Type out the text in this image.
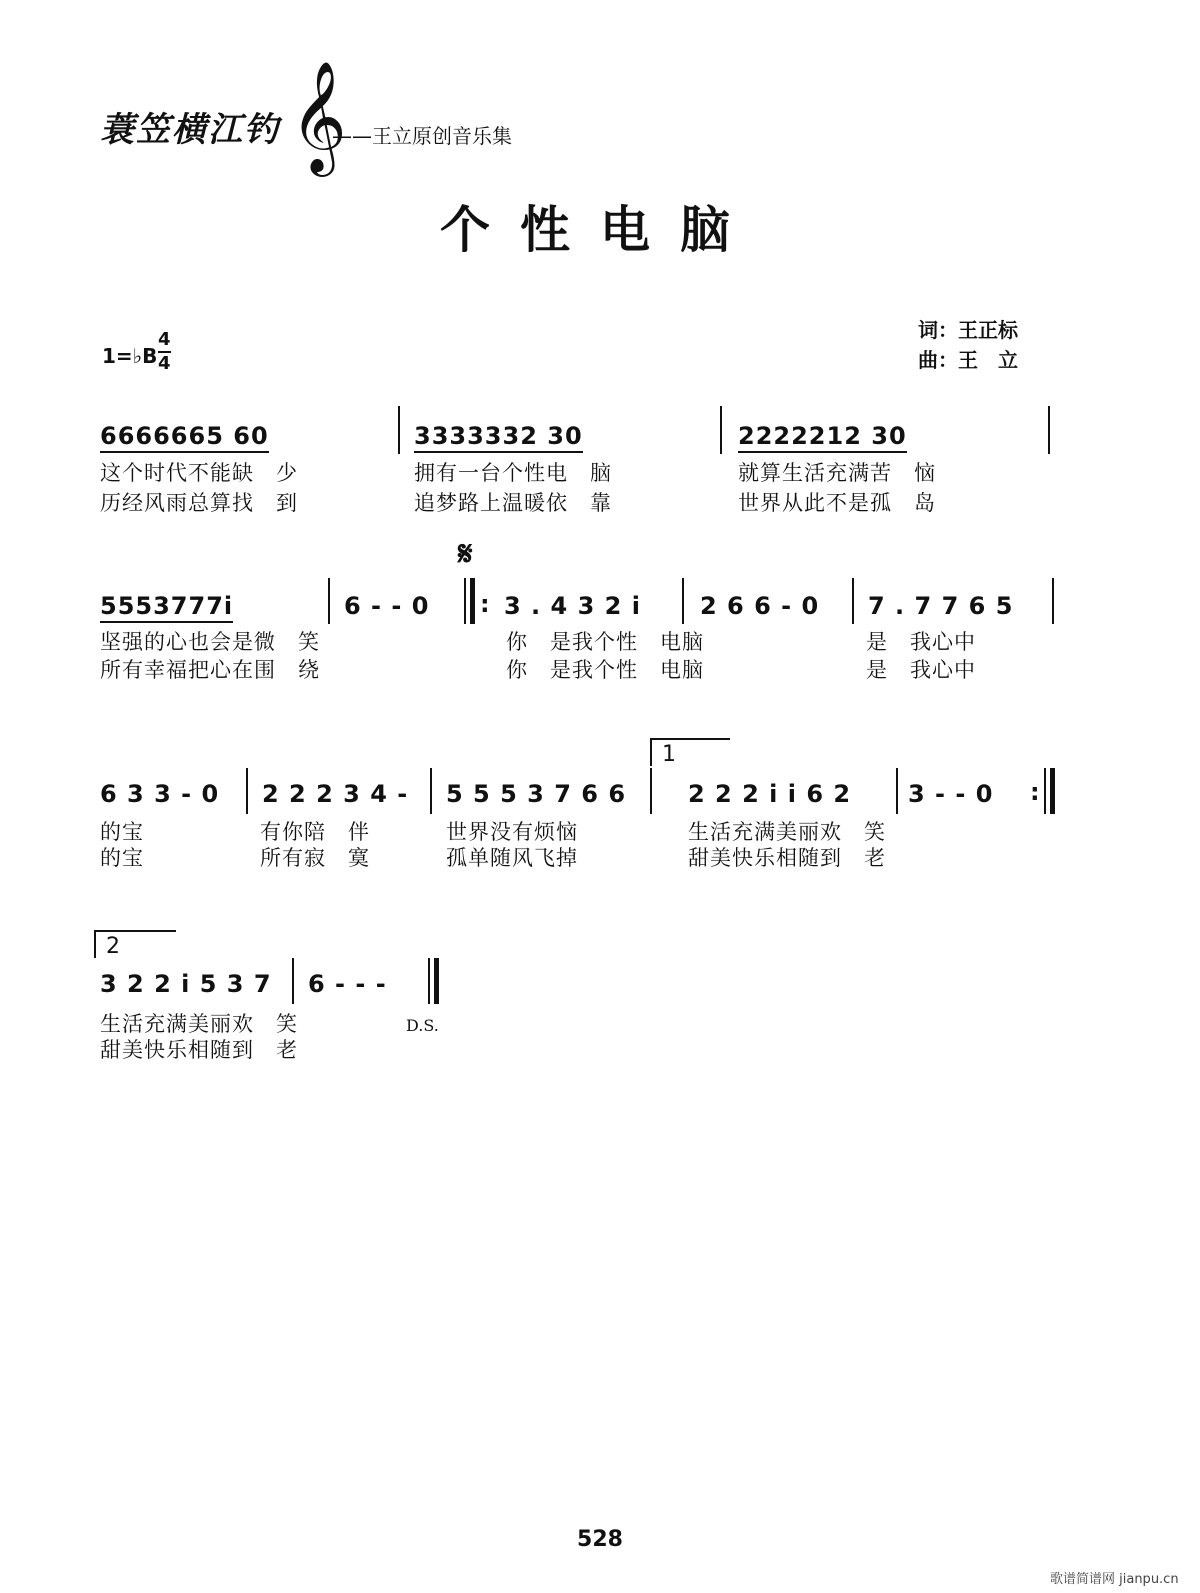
蓑笠横江钓 𝄞
——王立原创音乐集
个性电脑
词：王正标
曲：王　立
1=♭B
4
4
6666665 60	3333332 30	2222212 30
这个时代不能缺　少	拥有一台个性电　脑	就算生活充满苦　恼
历经风雨总算找　到	追梦路上温暖依　靠	世界从此不是孤　岛
𝄋
5553777i	6 - - 0 : 3 . 4 3 2 i 2 6 6 - 0 7 . 7 7 6 5
坚强的心也会是微　笑	你　是我个性　电脑	是　我心中
所有幸福把心在围　绕	你　是我个性　电脑	是　我心中
1
6 3 3 - 0 2 2 2 3 4 - 5 5 5 3 7 6 6	2 2 2 i i 6 2 3 - - 0 :
的宝	有你陪　伴	世界没有烦恼	生活充满美丽欢　笑
的宝	所有寂　寞	孤单随风飞掉	甜美快乐相随到　老
2
3 2 2 i 5 3 7 6 - - -
生活充满美丽欢　笑	D.S.
甜美快乐相随到　老
528
歌谱简谱网 jianpu.cn
